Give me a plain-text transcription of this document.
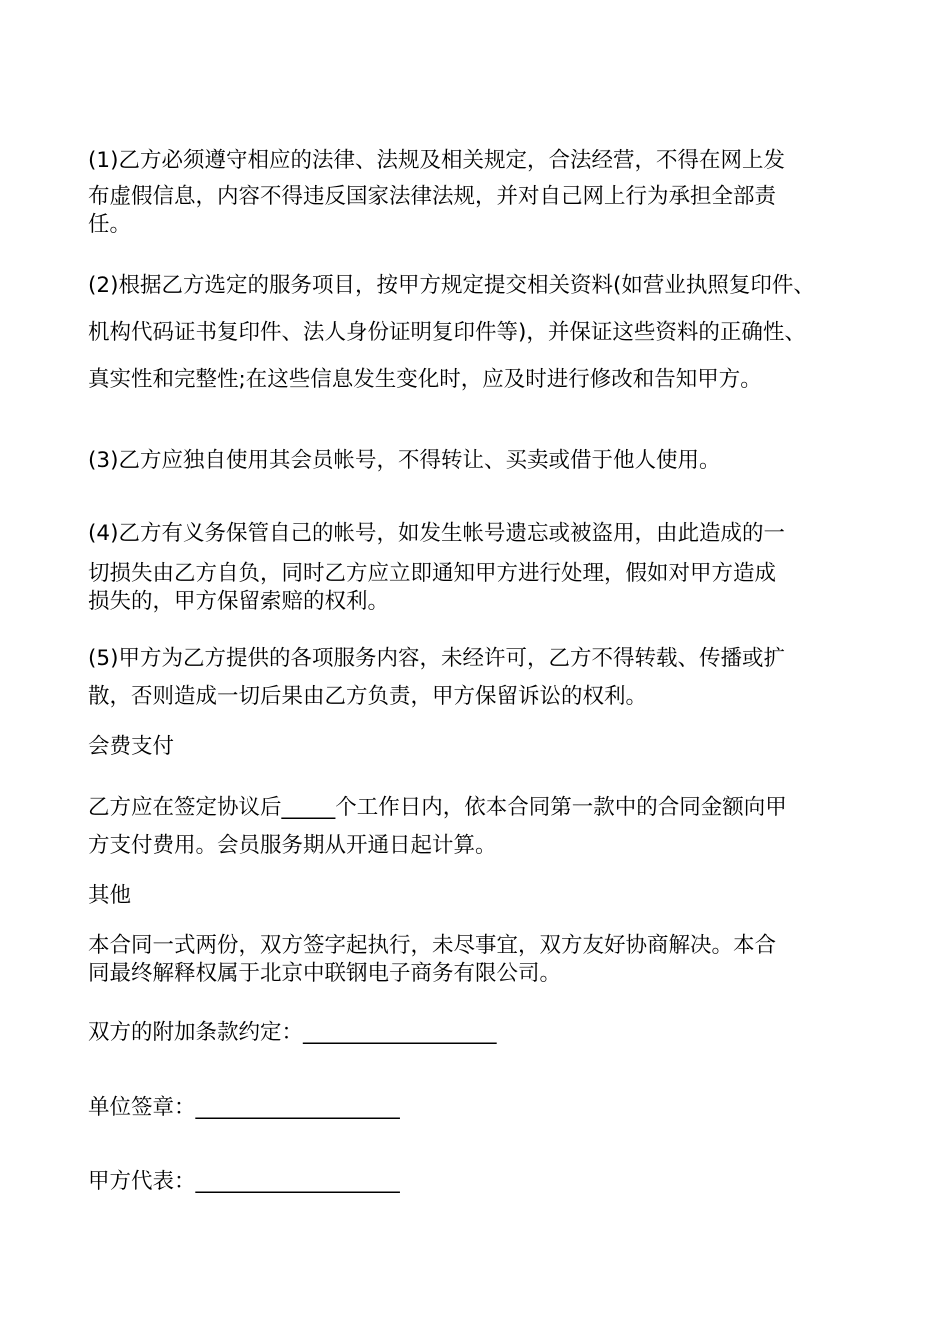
(1)乙方必须遵守相应的法律、法规及相关规定，合法经营，不得在网上发
布虚假信息，内容不得违反国家法律法规，并对自己网上行为承担全部责
任。
(2)根据乙方选定的服务项目，按甲方规定提交相关资料(如营业执照复印件、
机构代码证书复印件、法人身份证明复印件等)，并保证这些资料的正确性、
真实性和完整性;在这些信息发生变化时，应及时进行修改和告知甲方。
(3)乙方应独自使用其会员帐号，不得转让、买卖或借于他人使用。
(4)乙方有义务保管自己的帐号，如发生帐号遗忘或被盗用，由此造成的一
切损失由乙方自负，同时乙方应立即通知甲方进行处理，假如对甲方造成
损失的，甲方保留索赔的权利。
(5)甲方为乙方提供的各项服务内容，未经许可，乙方不得转载、传播或扩
散，否则造成一切后果由乙方负责，甲方保留诉讼的权利。
会费支付
乙方应在签定协议后_____个工作日内，依本合同第一款中的合同金额向甲
方支付费用。会员服务期从开通日起计算。
其他
本合同一式两份，双方签字起执行，未尽事宜，双方友好协商解决。本合
同最终解释权属于北京中联钢电子商务有限公司。
双方的附加条款约定：__________________
单位签章：___________________
甲方代表：___________________
